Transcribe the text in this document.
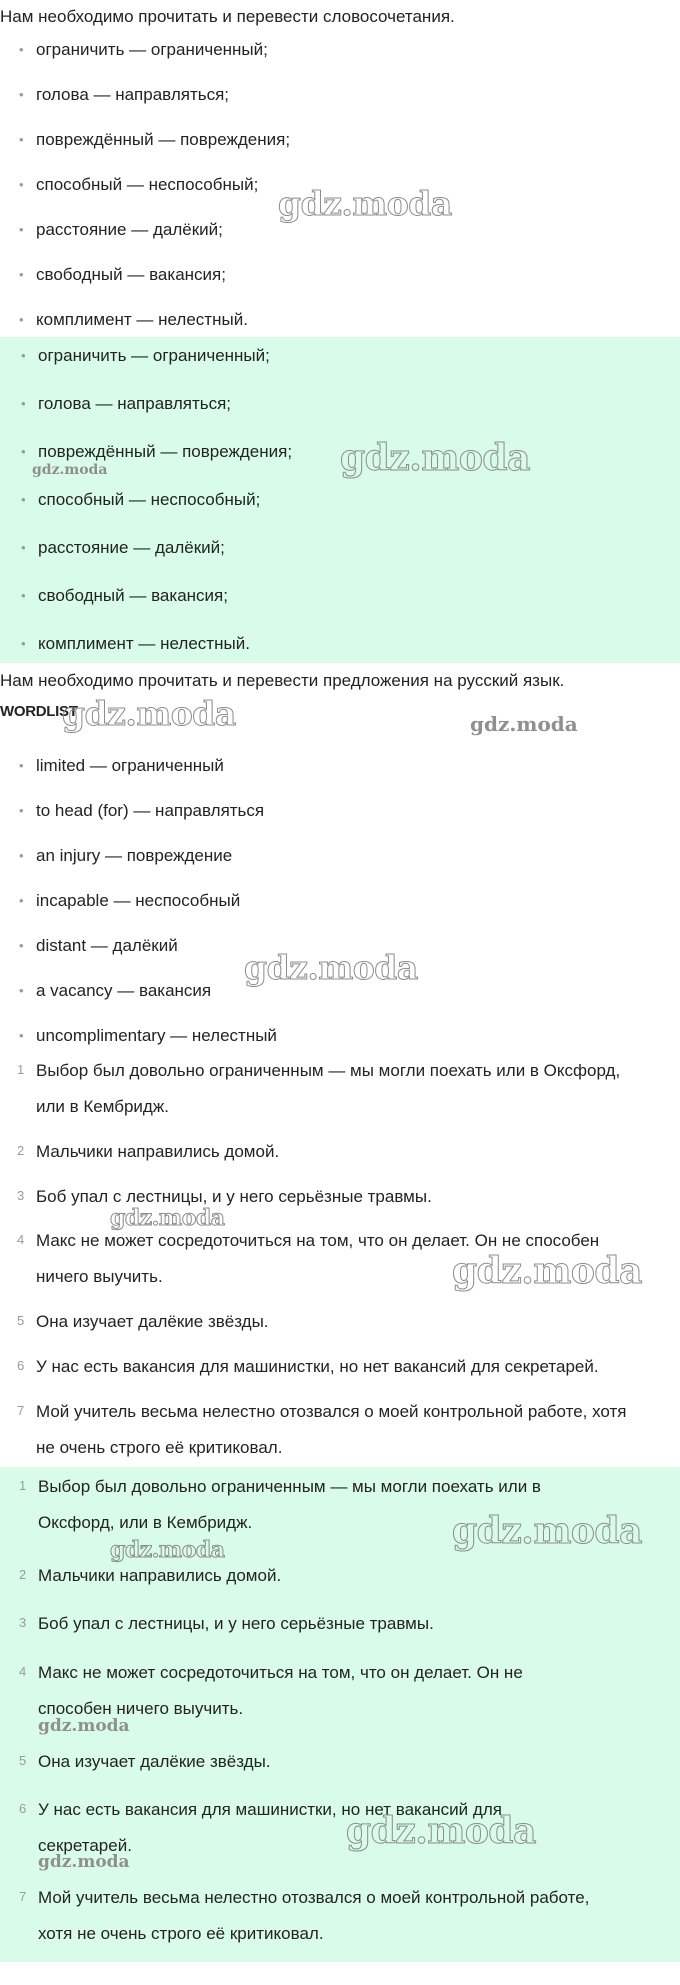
Нам необходимо прочитать и перевести словосочетания.
• ограничить — ограниченный;
• голова — направляться;
• повреждённый — повреждения;
• способный — неспособный;
• расстояние — далёкий;
• свободный — вакансия;
• комплимент — нелестный.
gdz.moda
• ограничить — ограниченный;
• голова — направляться;
• повреждённый — повреждения;
• способный — неспособный;
• расстояние — далёкий;
• свободный — вакансия;
• комплимент — нелестный.
gdz.moda
gdz.moda
Нам необходимо прочитать и перевести предложения на русский язык.
WORDLIST
gdz.moda	gdz.moda
• limited — ограниченный
• to head (for) — направляться
• an injury — повреждение
• incapable — неспособный
• distant — далёкий
• a vacancy — вакансия
• uncomplimentary — нелестный
gdz.moda
1 Выбор был довольно ограниченным — мы могли поехать или в Оксфорд,
или в Кембридж.
2 Мальчики направились домой.
3 Боб упал с лестницы, и у него серьёзные травмы.
gdz.moda
4 Макс не может сосредоточиться на том, что он делает. Он не способен
ничего выучить.	gdz.moda
5 Она изучает далёкие звёзды.
6 У нас есть вакансия для машинистки, но нет вакансий для секретарей.
7 Мой учитель весьма нелестно отозвался о моей контрольной работе, хотя
не очень строго её критиковал.
1 Выбор был довольно ограниченным — мы могли поехать или в
Оксфорд, или в Кембридж.	gdz.moda
gdz.moda
2 Мальчики направились домой.
3 Боб упал с лестницы, и у него серьёзные травмы.
4 Макс не может сосредоточиться на том, что он делает. Он не
способен ничего выучить.
gdz.moda
5 Она изучает далёкие звёзды.
6 У нас есть вакансия для машинистки, но нет вакансий для
секретарей.	gdz.moda
gdz.moda
7 Мой учитель весьма нелестно отозвался о моей контрольной работе,
хотя не очень строго её критиковал.
